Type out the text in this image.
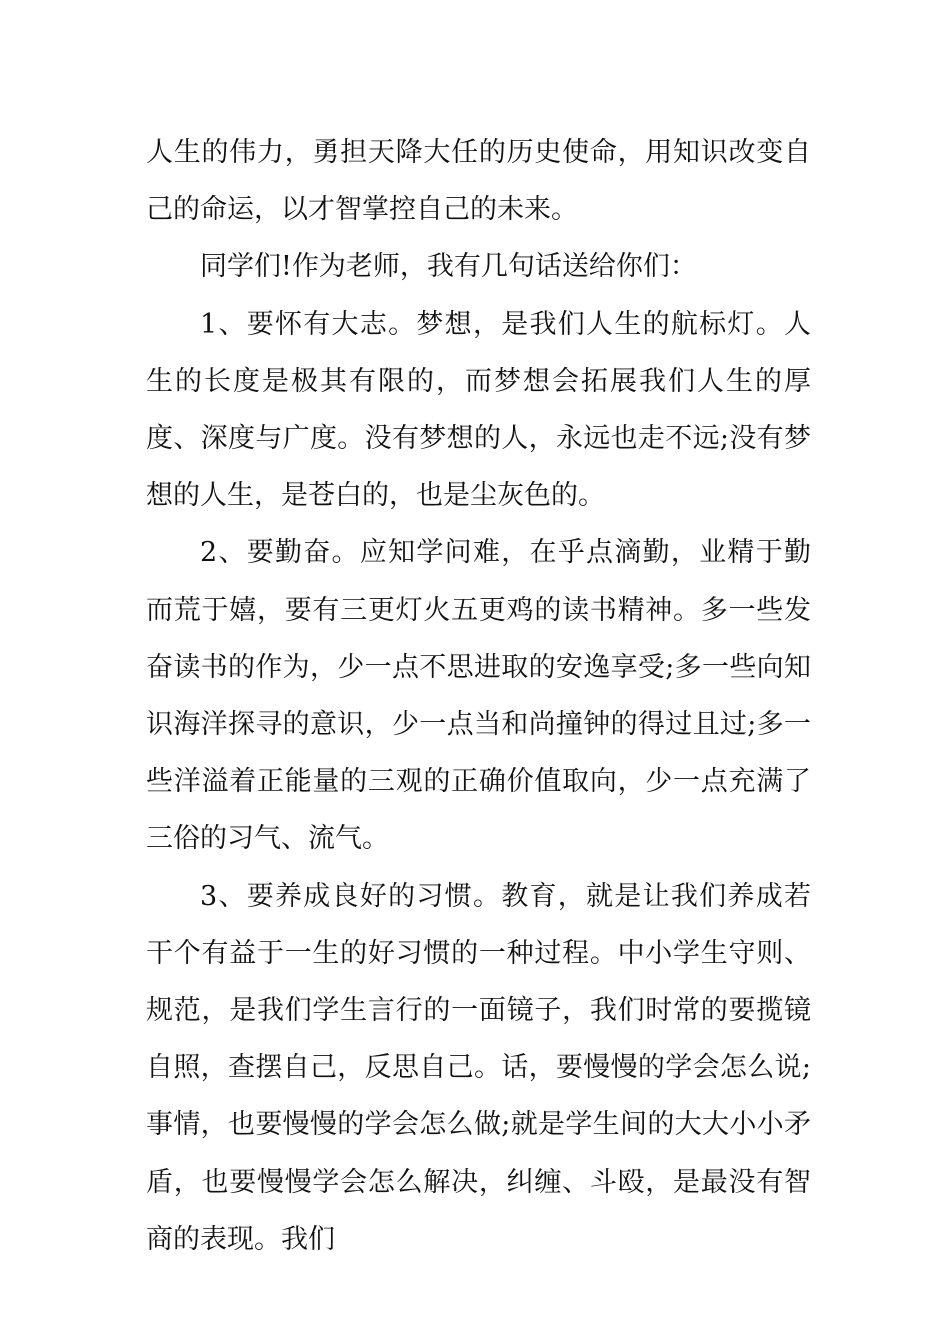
人生的伟力，勇担天降大任的历史使命，用知识改变自己的命运，以才智掌控自己的未来。

同学们!作为老师，我有几句话送给你们：

1、要怀有大志。梦想，是我们人生的航标灯。人生的长度是极其有限的，而梦想会拓展我们人生的厚度、深度与广度。没有梦想的人，永远也走不远;没有梦想的人生，是苍白的，也是尘灰色的。

2、要勤奋。应知学问难，在乎点滴勤，业精于勤而荒于嬉，要有三更灯火五更鸡的读书精神。多一些发奋读书的作为，少一点不思进取的安逸享受;多一些向知识海洋探寻的意识，少一点当和尚撞钟的得过且过;多一些洋溢着正能量的三观的正确价值取向，少一点充满了三俗的习气、流气。

3、要养成良好的习惯。教育，就是让我们养成若干个有益于一生的好习惯的一种过程。中小学生守则、规范，是我们学生言行的一面镜子，我们时常的要揽镜自照，查摆自己，反思自己。话，要慢慢的学会怎么说;事情，也要慢慢的学会怎么做;就是学生间的大大小小矛盾，也要慢慢学会怎么解决，纠缠、斗殴，是最没有智商的表现。我们
